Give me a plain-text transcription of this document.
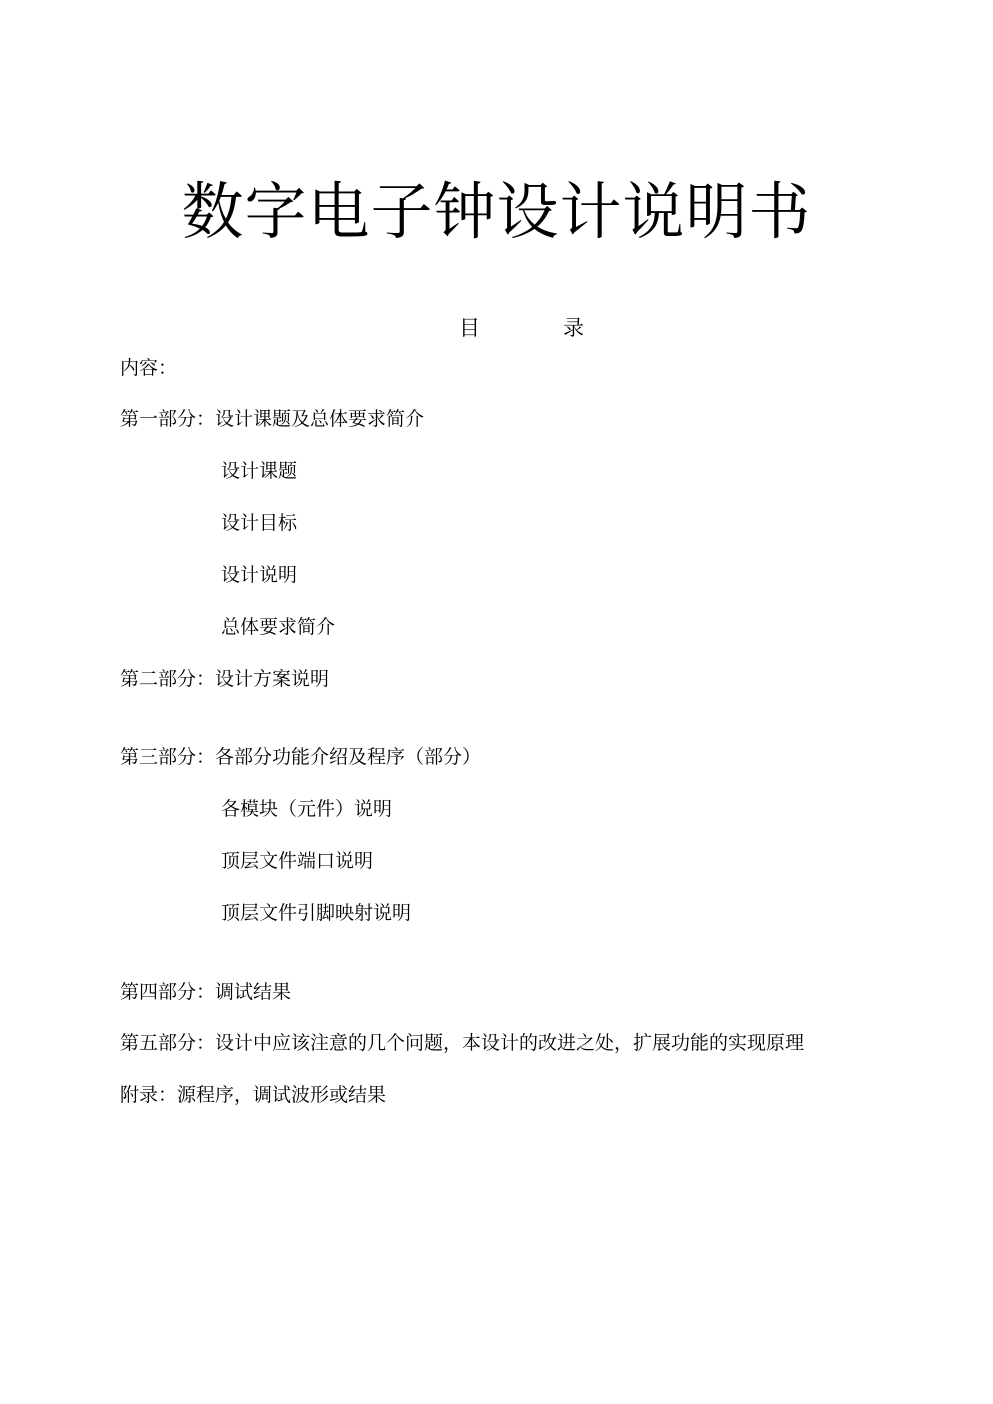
数字电子钟设计说明书
目	录
内容：
第一部分：设计课题及总体要求简介
设计课题
设计目标
设计说明
总体要求简介
第二部分：设计方案说明
第三部分：各部分功能介绍及程序（部分）
各模块（元件）说明
顶层文件端口说明
顶层文件引脚映射说明
第四部分：调试结果
第五部分：设计中应该注意的几个问题，本设计的改进之处，扩展功能的实现原理
附录：源程序，调试波形或结果
